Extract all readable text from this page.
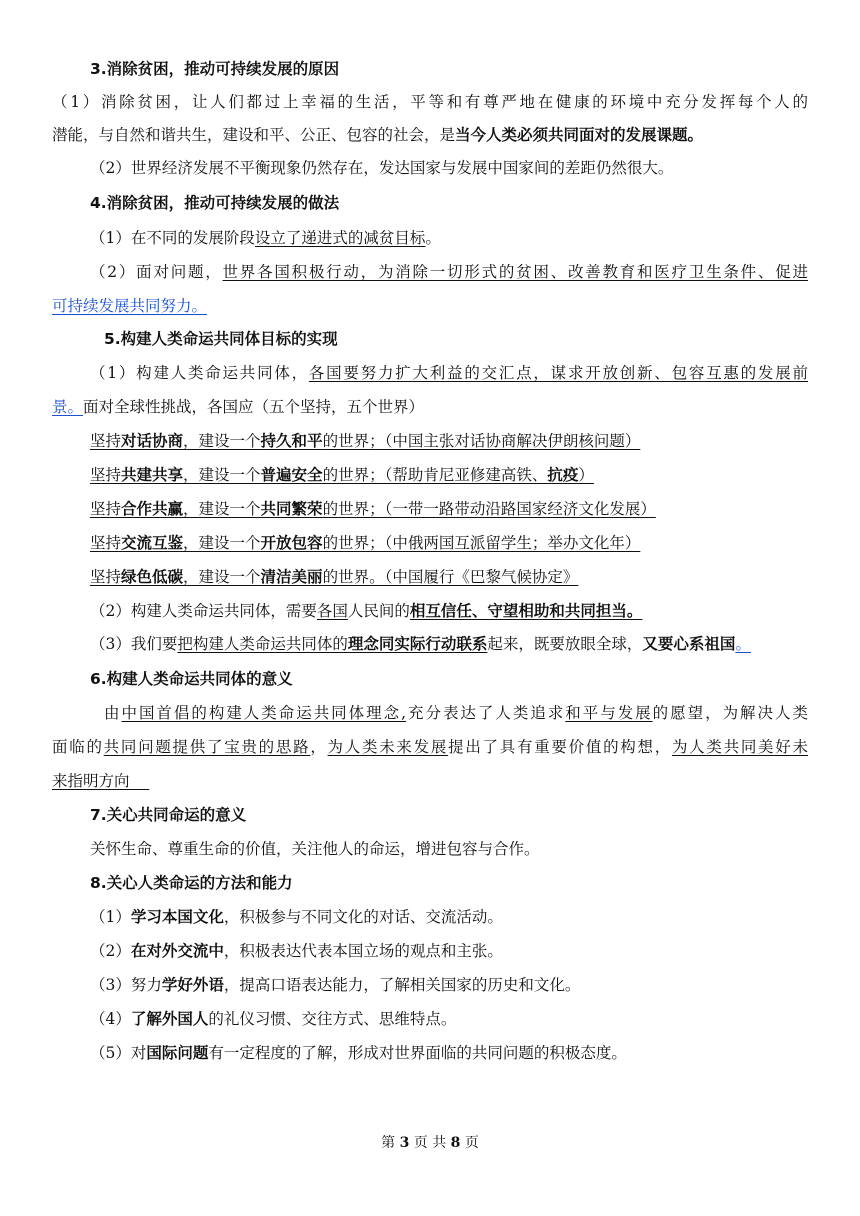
3.消除贫困，推动可持续发展的原因
（1）消除贫困，让人们都过上幸福的生活，平等和有尊严地在健康的环境中充分发挥每个人的
潜能，与自然和谐共生，建设和平、公正、包容的社会，是当今人类必须共同面对的发展课题。
（2）世界经济发展不平衡现象仍然存在，发达国家与发展中国家间的差距仍然很大。
4.消除贫困，推动可持续发展的做法
（1）在不同的发展阶段设立了递进式的减贫目标。
（2）面对问题，世界各国积极行动，为消除一切形式的贫困、改善教育和医疗卫生条件、促进
可持续发展共同努力。
5.构建人类命运共同体目标的实现
（1）构建人类命运共同体，各国要努力扩大利益的交汇点，谋求开放创新、包容互惠的发展前
景。面对全球性挑战，各国应（五个坚持，五个世界）
坚持对话协商，建设一个持久和平的世界；（中国主张对话协商解决伊朗核问题）
坚持共建共享，建设一个普遍安全的世界；（帮助肯尼亚修建高铁、抗疫）
坚持合作共赢，建设一个共同繁荣的世界；（一带一路带动沿路国家经济文化发展）
坚持交流互鉴，建设一个开放包容的世界；（中俄两国互派留学生；举办文化年）
坚持绿色低碳，建设一个清洁美丽的世界。（中国履行《巴黎气候协定》
（2）构建人类命运共同体，需要各国人民间的相互信任、守望相助和共同担当。
（3）我们要把构建人类命运共同体的理念同实际行动联系起来，既要放眼全球，又要心系祖国。
6.构建人类命运共同体的意义
由中国首倡的构建人类命运共同体理念,充分表达了人类追求和平与发展的愿望，为解决人类
面临的共同问题提供了宝贵的思路，为人类未来发展提出了具有重要价值的构想，为人类共同美好未
来指明方向
7.关心共同命运的意义
关怀生命、尊重生命的价值，关注他人的命运，增进包容与合作。
8.关心人类命运的方法和能力
（1）学习本国文化，积极参与不同文化的对话、交流活动。
（2）在对外交流中，积极表达代表本国立场的观点和主张。
（3）努力学好外语，提高口语表达能力，了解相关国家的历史和文化。
（4）了解外国人的礼仪习惯、交往方式、思维特点。
（5）对国际问题有一定程度的了解，形成对世界面临的共同问题的积极态度。
第 3 页 共 8 页
